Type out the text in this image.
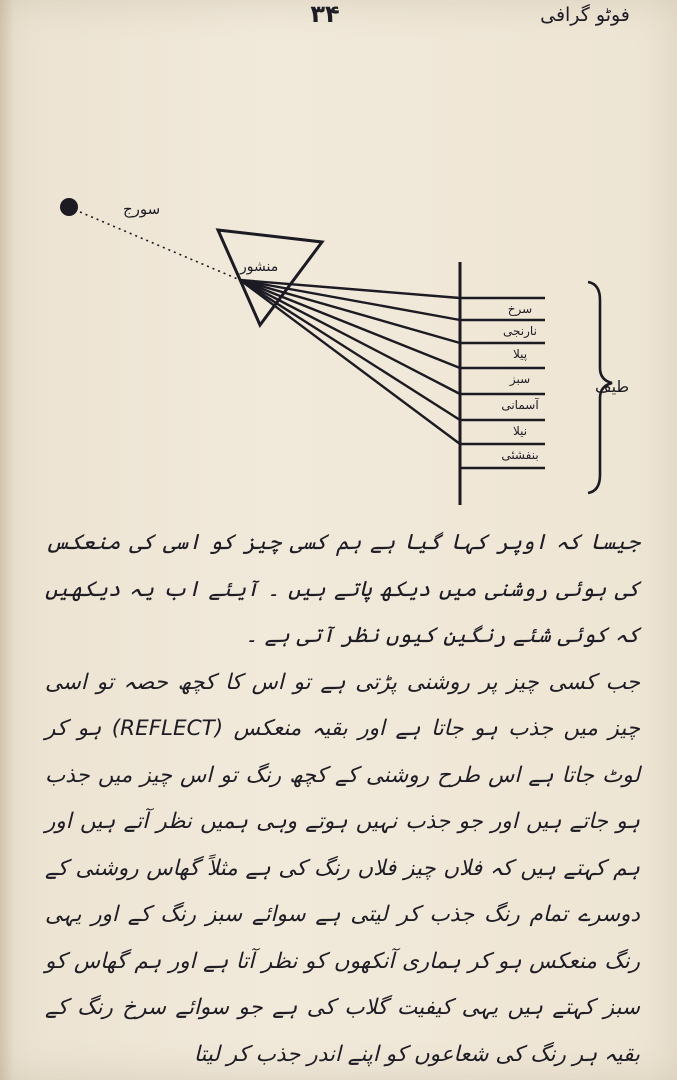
۳۴	فوٹو گرافی
سورج
منشور
طیف
سرخ
نارنجی
پیلا
سبز
آسمانی
نیلا
بنفشئی
جیسا کہ اوپر کہا گیا ہے ہم کسی چیز کو اسی کی منعکس کی ہوئی روشنی میں دیکھ پاتے ہیں ۔ آیئے اب یہ دیکھیں کہ کوئی شئے رنگین کیوں نظر آتی ہے ۔
جب کسی چیز پر روشنی پڑتی ہے تو اس کا کچھ حصہ تو اسی چیز میں جذب ہو جاتا ہے اور بقیہ منعکس (REFLECT) ہو کر لوٹ جاتا ہے اس طرح روشنی کے کچھ رنگ تو اس چیز میں جذب ہو جاتے ہیں اور جو جذب نہیں ہوتے وہی ہمیں نظر آتے ہیں اور ہم کہتے ہیں کہ فلاں چیز فلاں رنگ کی ہے مثلاً گھاس روشنی کے دوسرے تمام رنگ جذب کر لیتی ہے سوائے سبز رنگ کے اور یہی رنگ منعکس ہو کر ہماری آنکھوں کو نظر آتا ہے اور ہم گھاس کو سبز کہتے ہیں یہی کیفیت گلاب کی ہے جو سوائے سرخ رنگ کے بقیہ ہر رنگ کی شعاعوں کو اپنے اندر جذب کر لیتا
